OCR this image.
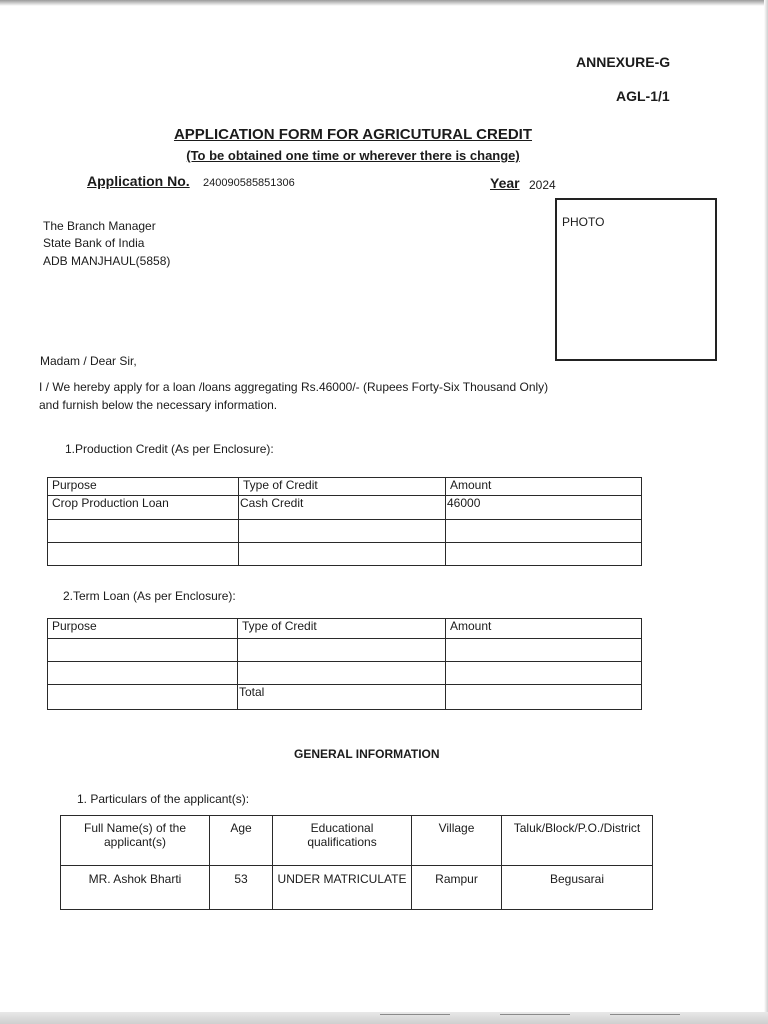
ANNEXURE-G
AGL-1/1
APPLICATION FORM FOR AGRICUTURAL CREDIT
(To be obtained one time or wherever there is change)
Application No. 240090585851306	Year 2024
The Branch Manager
State Bank of India
ADB MANJHAUL(5858)
PHOTO
Madam / Dear Sir,
I / We hereby apply for a loan /loans aggregating Rs.46000/- (Rupees Forty-Six Thousand Only)
and furnish below the necessary information.
1.Production Credit (As per Enclosure):
Purpose	Type of Credit	Amount
Crop Production Loan	Cash Credit	46000

2.Term Loan (As per Enclosure):
Purpose	Type of Credit	Amount

	Total	
GENERAL INFORMATION
1. Particulars of the applicant(s):
Full Name(s) of the applicant(s)	Age	Educational qualifications	Village	Taluk/Block/P.O./District
MR. Ashok Bharti	53	UNDER MATRICULATE	Rampur	Begusarai
